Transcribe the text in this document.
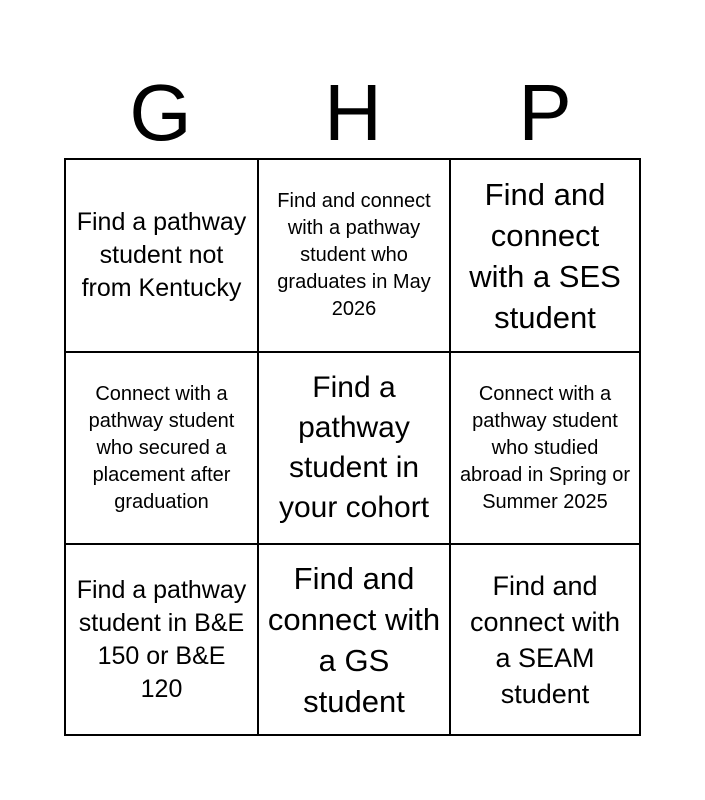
G	H	P
Find a pathway student not from Kentucky
Find and connect with a pathway student who graduates in May 2026
Find and connect with a SES student
Connect with a pathway student who secured a placement after graduation
Find a pathway student in your cohort
Connect with a pathway student who studied abroad in Spring or Summer 2025
Find a pathway student in B&E 150 or B&E 120
Find and connect with a GS student
Find and connect with a SEAM student
